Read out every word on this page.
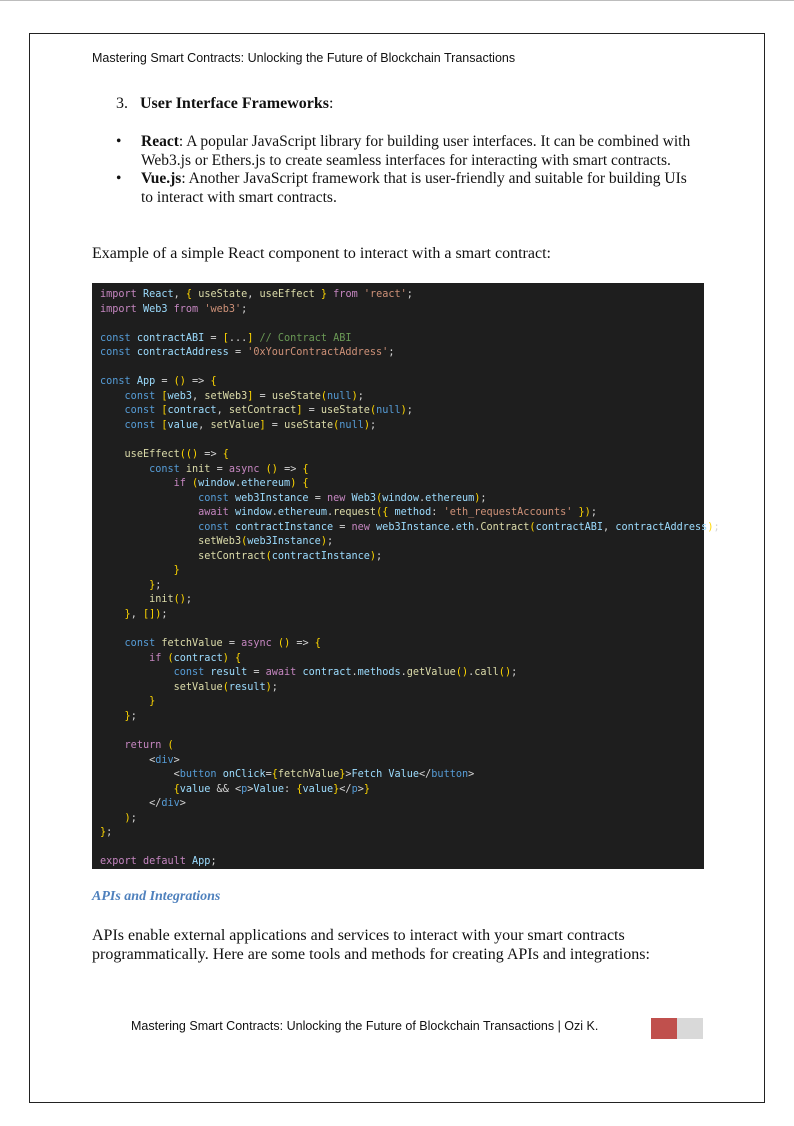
Mastering Smart Contracts: Unlocking the Future of Blockchain Transactions
3. User Interface Frameworks:
• React: A popular JavaScript library for building user interfaces. It can be combined with Web3.js or Ethers.js to create seamless interfaces for interacting with smart contracts.
• Vue.js: Another JavaScript framework that is user-friendly and suitable for building UIs to interact with smart contracts.
Example of a simple React component to interact with a smart contract:
import React, { useState, useEffect } from 'react';
import Web3 from 'web3';

const contractABI = [...] // Contract ABI
const contractAddress = '0xYourContractAddress';

const App = () => {
const [web3, setWeb3] = useState(null);
const [contract, setContract] = useState(null);
const [value, setValue] = useState(null);

useEffect(() => {
const init = async () => {
if (window.ethereum) {
const web3Instance = new Web3(window.ethereum);
await window.ethereum.request({ method: 'eth_requestAccounts' });
const contractInstance = new web3Instance.eth.Contract(contractABI, contractAddress);
setWeb3(web3Instance);
setContract(contractInstance);
}
};
init();
}, []);

const fetchValue = async () => {
if (contract) {
const result = await contract.methods.getValue().call();
setValue(result);
}
};

return (
<div>
<button onClick={fetchValue}>Fetch Value</button>
{value && <p>Value: {value}</p>}
</div>
);
};

export default App;
APIs and Integrations
APIs enable external applications and services to interact with your smart contracts programmatically. Here are some tools and methods for creating APIs and integrations:
Mastering Smart Contracts: Unlocking the Future of Blockchain Transactions | Ozi K.
